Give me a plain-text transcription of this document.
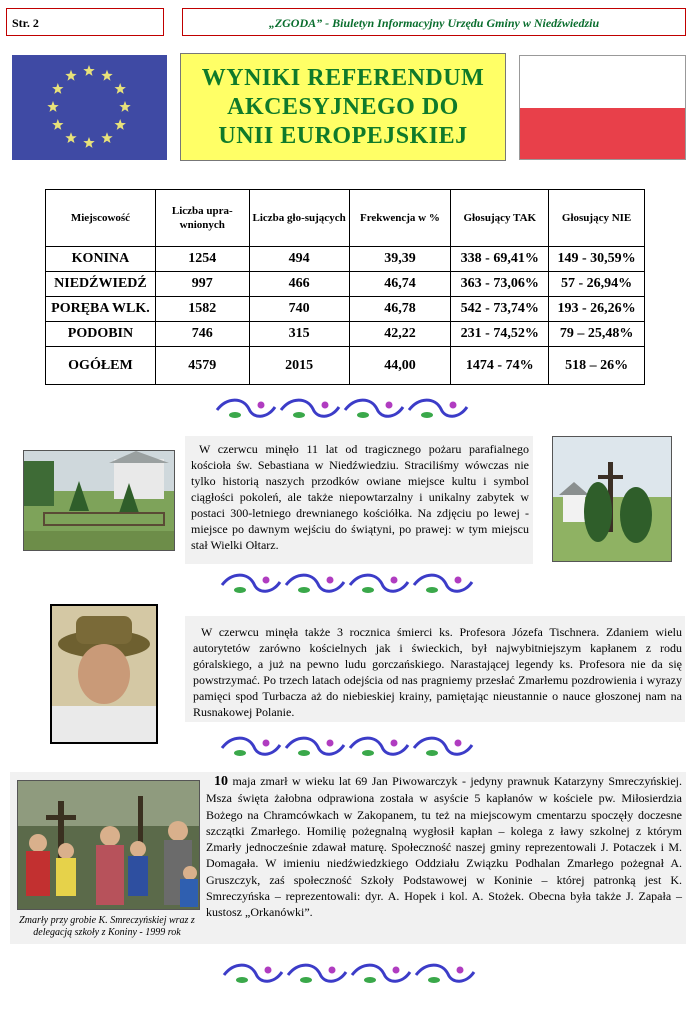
Str. 2	„ZGODA” - Biuletyn Informacyjny Urzędu Gminy w Niedźwiedziu
WYNIKI REFERENDUM
AKCESYJNEGO DO
UNII EUROPEJSKIEJ
Miejscowość	Liczba upra-wnionych	Liczba gło-sujących	Frekwencja w %	Głosujący TAK	Głosujący NIE
KONINA	1254	494	39,39	338 - 69,41%	149 - 30,59%
NIEDŹWIEDŹ	997	466	46,74	363 - 73,06%	57 - 26,94%
PORĘBA WLK.	1582	740	46,78	542 - 73,74%	193 - 26,26%
PODOBIN	746	315	42,22	231 - 74,52%	79 – 25,48%
OGÓŁEM	4579	2015	44,00	1474 - 74%	518 – 26%
W czerwcu minęło 11 lat od tragicznego pożaru parafialnego kościoła św. Sebastiana w Niedźwiedziu. Straciliśmy wówczas nie tylko historią naszych przodków owiane miejsce kultu i symbol ciągłości pokoleń, ale także niepowtarzalny i unikalny zabytek w postaci 300-letniego drewnianego kościółka. Na zdjęciu po lewej - miejsce po dawnym wejściu do świątyni, po prawej: w tym miejscu stał Wielki Ołtarz.
W czerwcu minęła także 3 rocznica śmierci ks. Profesora Józefa Tischnera. Zdaniem wielu autorytetów zarówno kościelnych jak i świeckich, był najwybitniejszym kapłanem z rodu góralskiego, a już na pewno ludu gorczańskiego. Narastającej legendy ks. Profesora nie da się powstrzymać. Po trzech latach odejścia od nas pragniemy przesłać Zmarłemu pozdrowienia i wyrazy pamięci spod Turbacza aż do niebieskiej krainy, pamiętając nieustannie o nauce głoszonej nam na Rusnakowej Polanie.
Zmarły przy grobie K. Smreczyńskiej wraz z delegacją szkoły z Koniny - 1999 rok
10 maja zmarł w wieku lat 69 Jan Piwowarczyk - jedyny prawnuk Katarzyny Smreczyńskiej. Msza święta żałobna odprawiona została w asyście 5 kapłanów w kościele pw. Miłosierdzia Bożego na Chramcówkach w Zakopanem, tu też na miejscowym cmentarzu spoczęły doczesne szczątki Zmarłego. Homilię pożegnalną wygłosił kapłan – kolega z ławy szkolnej z którym Zmarły jednocześnie zdawał maturę. Społeczność naszej gminy reprezentowali J. Potaczek i M. Domagała. W imieniu niedźwiedzkiego Oddziału Związku Podhalan Zmarłego pożegnał A. Gruszczyk, zaś społeczność Szkoły Podstawowej w Koninie – której patronką jest K. Smreczyńska – reprezentowali: dyr. A. Hopek i kol. A. Stożek. Obecna była także J. Zapała – kustosz „Orkanówki”.
